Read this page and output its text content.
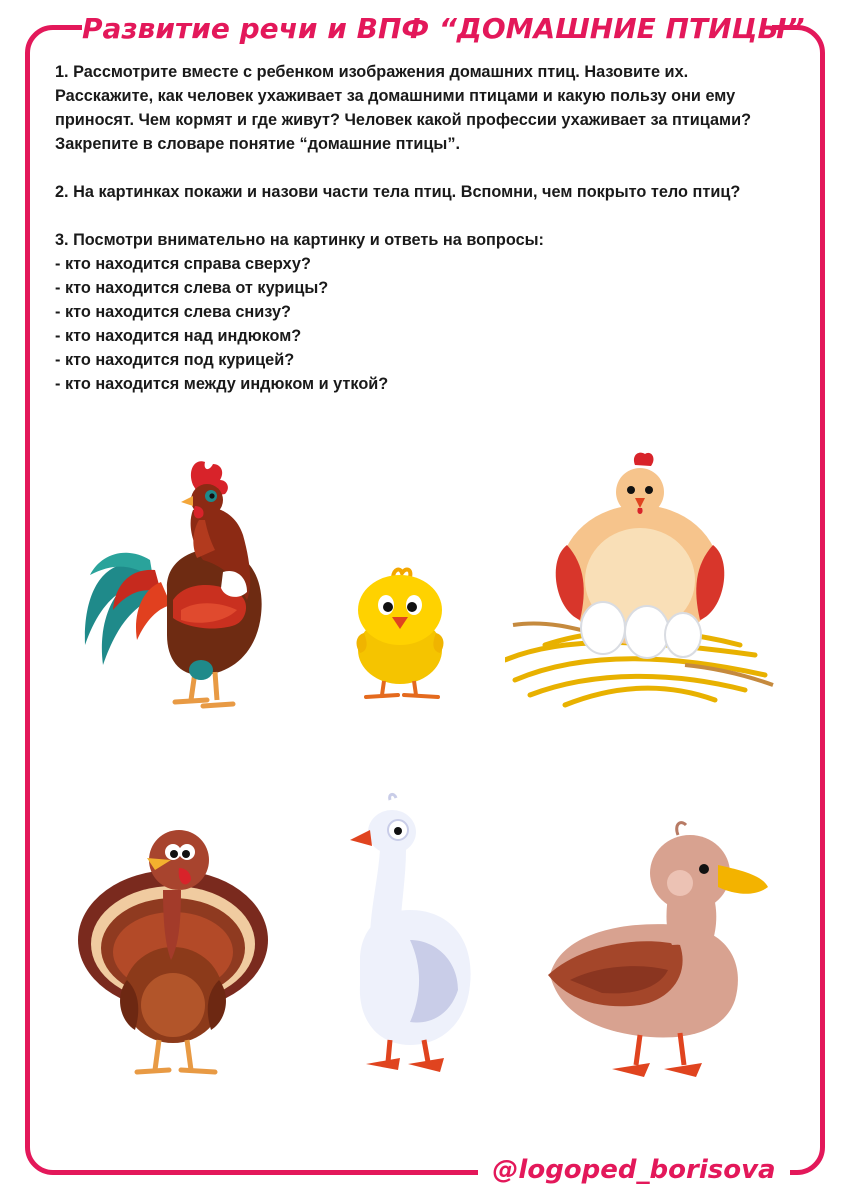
Развитие речи и ВПФ “ДОМАШНИЕ ПТИЦЫ”

1. Рассмотрите вместе с ребенком изображения домашних птиц. Назовите их.

Расскажите, как человек ухаживает за домашними птицами и какую пользу они ему

приносят. Чем кормят и где живут? Человек какой профессии ухаживает за птицами?

Закрепите в словаре понятие “домашние птицы”.

2. На картинках покажи и назови части тела птиц. Вспомни, чем покрыто тело птиц?

3. Посмотри внимательно на картинку и ответь на вопросы:

- кто находится справа сверху?

- кто находится слева от курицы?

- кто находится слева снизу?

- кто находится над индюком?

- кто находится под курицей?

- кто находится между индюком и уткой?

@logoped_borisova
